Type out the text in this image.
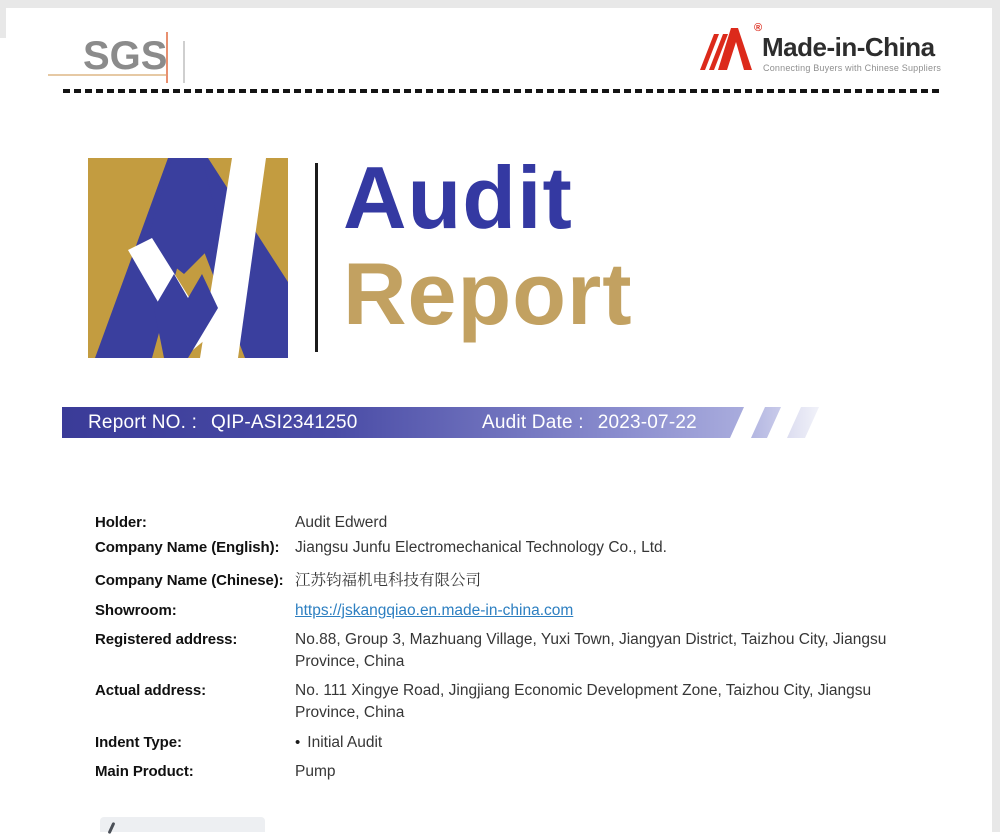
SGS
®
Made-in-China
Connecting Buyers with Chinese Suppliers
Audit
Report
Report NO. : QIP-ASI2341250	Audit Date : 2023-07-22
Holder:	Audit Edwerd
Company Name (English):	Jiangsu Junfu Electromechanical Technology Co., Ltd.
Company Name (Chinese): 江苏钧福机电科技有限公司
Showroom:	https://jskangqiao.en.made-in-china.com
Registered address:	No.88, Group 3, Mazhuang Village, Yuxi Town, Jiangyan District, Taizhou City, Jiangsu Province, China
Actual address:	No. 111 Xingye Road, Jingjiang Economic Development Zone, Taizhou City, Jiangsu Province, China
Indent Type:	• Initial Audit
Main Product:	Pump
